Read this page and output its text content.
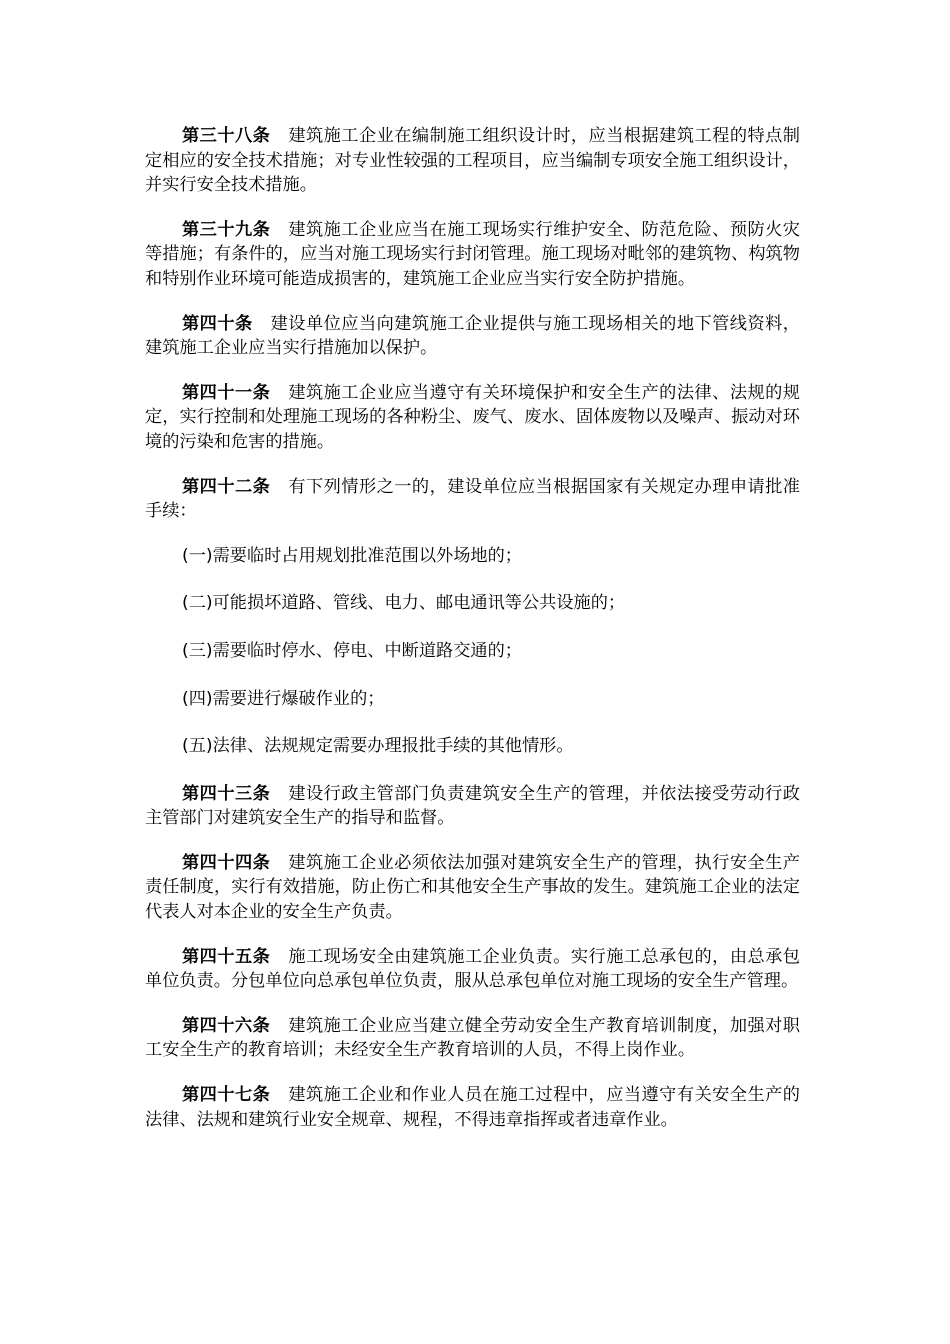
第三十八条 建筑施工企业在编制施工组织设计时，应当根据建筑工程的特点制定相应的安全技术措施；对专业性较强的工程项目，应当编制专项安全施工组织设计，并实行安全技术措施。

第三十九条 建筑施工企业应当在施工现场实行维护安全、防范危险、预防火灾等措施；有条件的，应当对施工现场实行封闭管理。施工现场对毗邻的建筑物、构筑物和特别作业环境可能造成损害的，建筑施工企业应当实行安全防护措施。

第四十条 建设单位应当向建筑施工企业提供与施工现场相关的地下管线资料，建筑施工企业应当实行措施加以保护。

第四十一条 建筑施工企业应当遵守有关环境保护和安全生产的法律、法规的规定，实行控制和处理施工现场的各种粉尘、废气、废水、固体废物以及噪声、振动对环境的污染和危害的措施。

第四十二条 有下列情形之一的，建设单位应当根据国家有关规定办理申请批准手续：

(一)需要临时占用规划批准范围以外场地的；

(二)可能损坏道路、管线、电力、邮电通讯等公共设施的；

(三)需要临时停水、停电、中断道路交通的；

(四)需要进行爆破作业的；

(五)法律、法规规定需要办理报批手续的其他情形。

第四十三条 建设行政主管部门负责建筑安全生产的管理，并依法接受劳动行政主管部门对建筑安全生产的指导和监督。

第四十四条 建筑施工企业必须依法加强对建筑安全生产的管理，执行安全生产责任制度，实行有效措施，防止伤亡和其他安全生产事故的发生。建筑施工企业的法定代表人对本企业的安全生产负责。

第四十五条 施工现场安全由建筑施工企业负责。实行施工总承包的，由总承包单位负责。分包单位向总承包单位负责，服从总承包单位对施工现场的安全生产管理。

第四十六条 建筑施工企业应当建立健全劳动安全生产教育培训制度，加强对职工安全生产的教育培训；未经安全生产教育培训的人员，不得上岗作业。

第四十七条 建筑施工企业和作业人员在施工过程中，应当遵守有关安全生产的法律、法规和建筑行业安全规章、规程，不得违章指挥或者违章作业。
